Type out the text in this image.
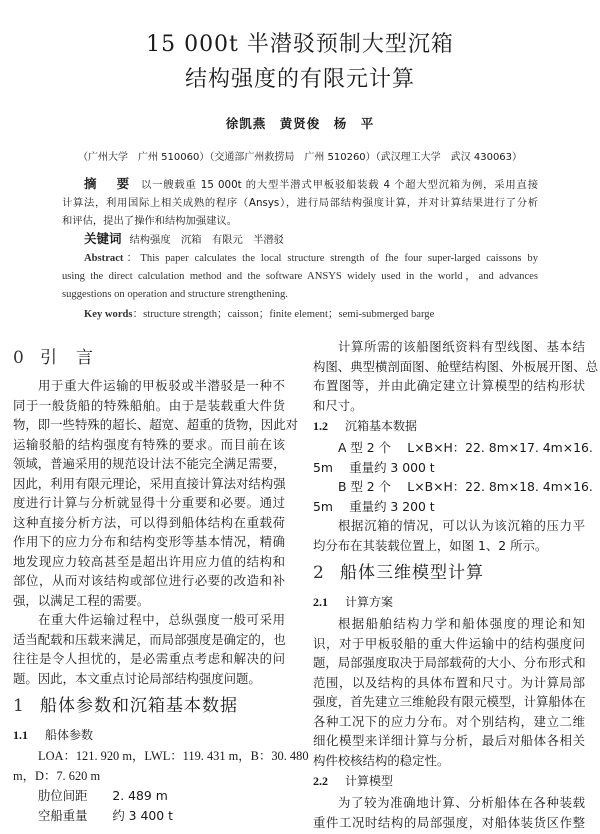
15 000t 半潜驳预制大型沉箱
结构强度的有限元计算
徐凯燕　黄贤俊　杨　平
（广州大学　广州 510060）（交通部广州救捞局　广州 510260）（武汉理工大学　武汉 430063）
摘　要 以一艘载重 15 000t 的大型半潜式甲板驳船装载 4 个超大型沉箱为例，采用直接
计算法，利用国际上相关成熟的程序（Ansys），进行局部结构强度计算，并对计算结果进行了分析
和评估，提出了操作和结构加强建议。
关键词 结构强度　沉箱　有限元　半潜驳
Abstract：This paper calculates the local structure strength of fhe four super-larged caissons by
using the direct calculation method and the software ANSYS widely used in the world，and advances
suggestions on operation and structure strengthening.
Key words：structure strength；caisson；finite element；semi-submerged barge
0 引　言
用于重大件运输的甲板驳或半潜驳是一种不
同于一般货船的特殊船舶。由于是装载重大件货
物，即一些特殊的超长、超宽、超重的货物，因此对
运输驳船的结构强度有特殊的要求。而目前在该
领域，普遍采用的规范设计法不能完全满足需要，
因此，利用有限元理论，采用直接计算法对结构强
度进行计算与分析就显得十分重要和必要。通过
这种直接分析方法，可以得到船体结构在重载荷
作用下的应力分布和结构变形等基本情况，精确
地发现应力较高甚至是超出许用应力值的结构和
部位，从而对该结构或部位进行必要的改造和补
强，以满足工程的需要。
在重大件运输过程中，总纵强度一般可采用
适当配载和压载来满足，而局部强度是确定的，也
往往是令人担忧的，是必需重点考虑和解决的问
题。因此，本文重点讨论局部结构强度问题。
1 船体参数和沉箱基本数据
1.1 船体参数
LOA：121. 920 m，LWL：119. 431 m，B：30. 480
m，D：7. 620 m
肋位间距　　2. 489 m
空船重量　　约 3 400 t
计算所需的该船图纸资料有型线图、基本结
构图、典型横剖面图、舱壁结构图、外板展开图、总
布置图等，并由此确定建立计算模型的结构形状
和尺寸。
1.2 沉箱基本数据
A 型 2 个　 L×B×H：22. 8m×17. 4m×16.
5m　 重量约 3 000 t
B 型 2 个　 L×B×H：22. 8m×18. 4m×16.
5m　 重量约 3 200 t
根据沉箱的情况，可以认为该沉箱的压力平
均分布在其装载位置上，如图 1、2 所示。
2 船体三维模型计算
2.1 计算方案
根据船舶结构力学和船体强度的理论和知
识，对于甲板驳船的重大件运输中的结构强度问
题，局部强度取决于局部载荷的大小、分布形式和
范围，以及结构的具体布置和尺寸。为计算局部
强度，首先建立三维舱段有限元模型，计算船体在
各种工况下的应力分布。对个别结构，建立二维
细化模型来详细计算与分析，最后对船体各相关
构件校核结构的稳定性。
2.2 计算模型
为了较为准确地计算、分析船体在各种装载
重件工况时结构的局部强度，对船体装货区作整
